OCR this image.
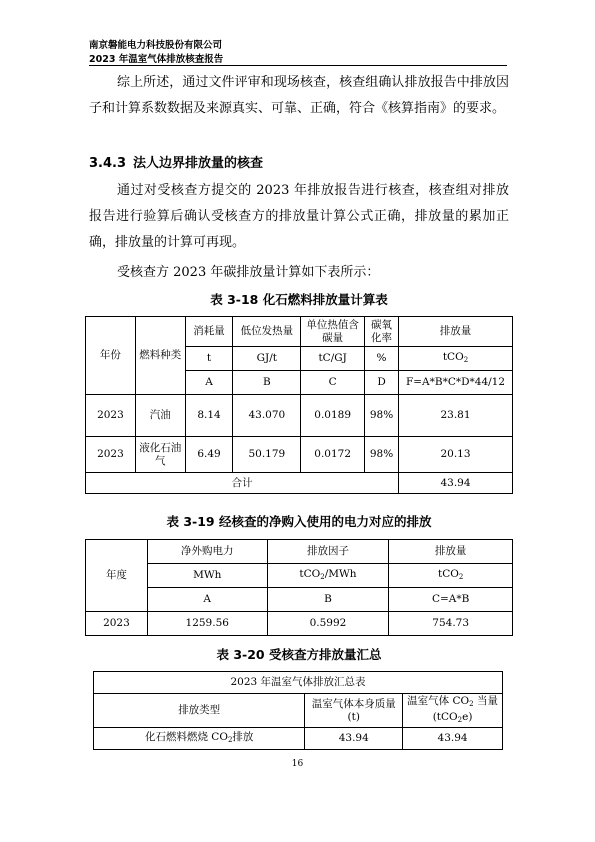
南京磐能电力科技股份有限公司
2023 年温室气体排放核查报告
综上所述，通过文件评审和现场核查，核查组确认排放报告中排放因子和计算系数数据及来源真实、可靠、正确，符合《核算指南》的要求。
3.4.3 法人边界排放量的核查
通过对受核查方提交的 2023 年排放报告进行核查，核查组对排放报告进行验算后确认受核查方的排放量计算公式正确，排放量的累加正确，排放量的计算可再现。
受核查方 2023 年碳排放量计算如下表所示：
表 3-18 化石燃料排放量计算表
年份	燃料种类	消耗量	低位发热量	单位热值含碳量	碳氧化率	排放量
		t	GJ/t	tC/GJ	%	tCO$_2$
		A	B	C	D	F=A*B*C*D*44/12
2023	汽油	8.14	43.070	0.0189	98%	23.81
2023	液化石油气	6.49	50.179	0.0172	98%	20.13
合计						43.94
表 3-19 经核查的净购入使用的电力对应的排放
年度	净外购电力	排放因子	排放量
	MWh	tCO$_2$/MWh	tCO$_2$
	A	B	C=A*B
2023	1259.56	0.5992	754.73
表 3-20 受核查方排放量汇总
2023 年温室气体排放汇总表		
排放类型	温室气体本身质量(t)	温室气体 $CO_2$ 当量(tCO$_2$e)
化石燃料燃烧 $CO_2$排放	43.94	43.94
16
